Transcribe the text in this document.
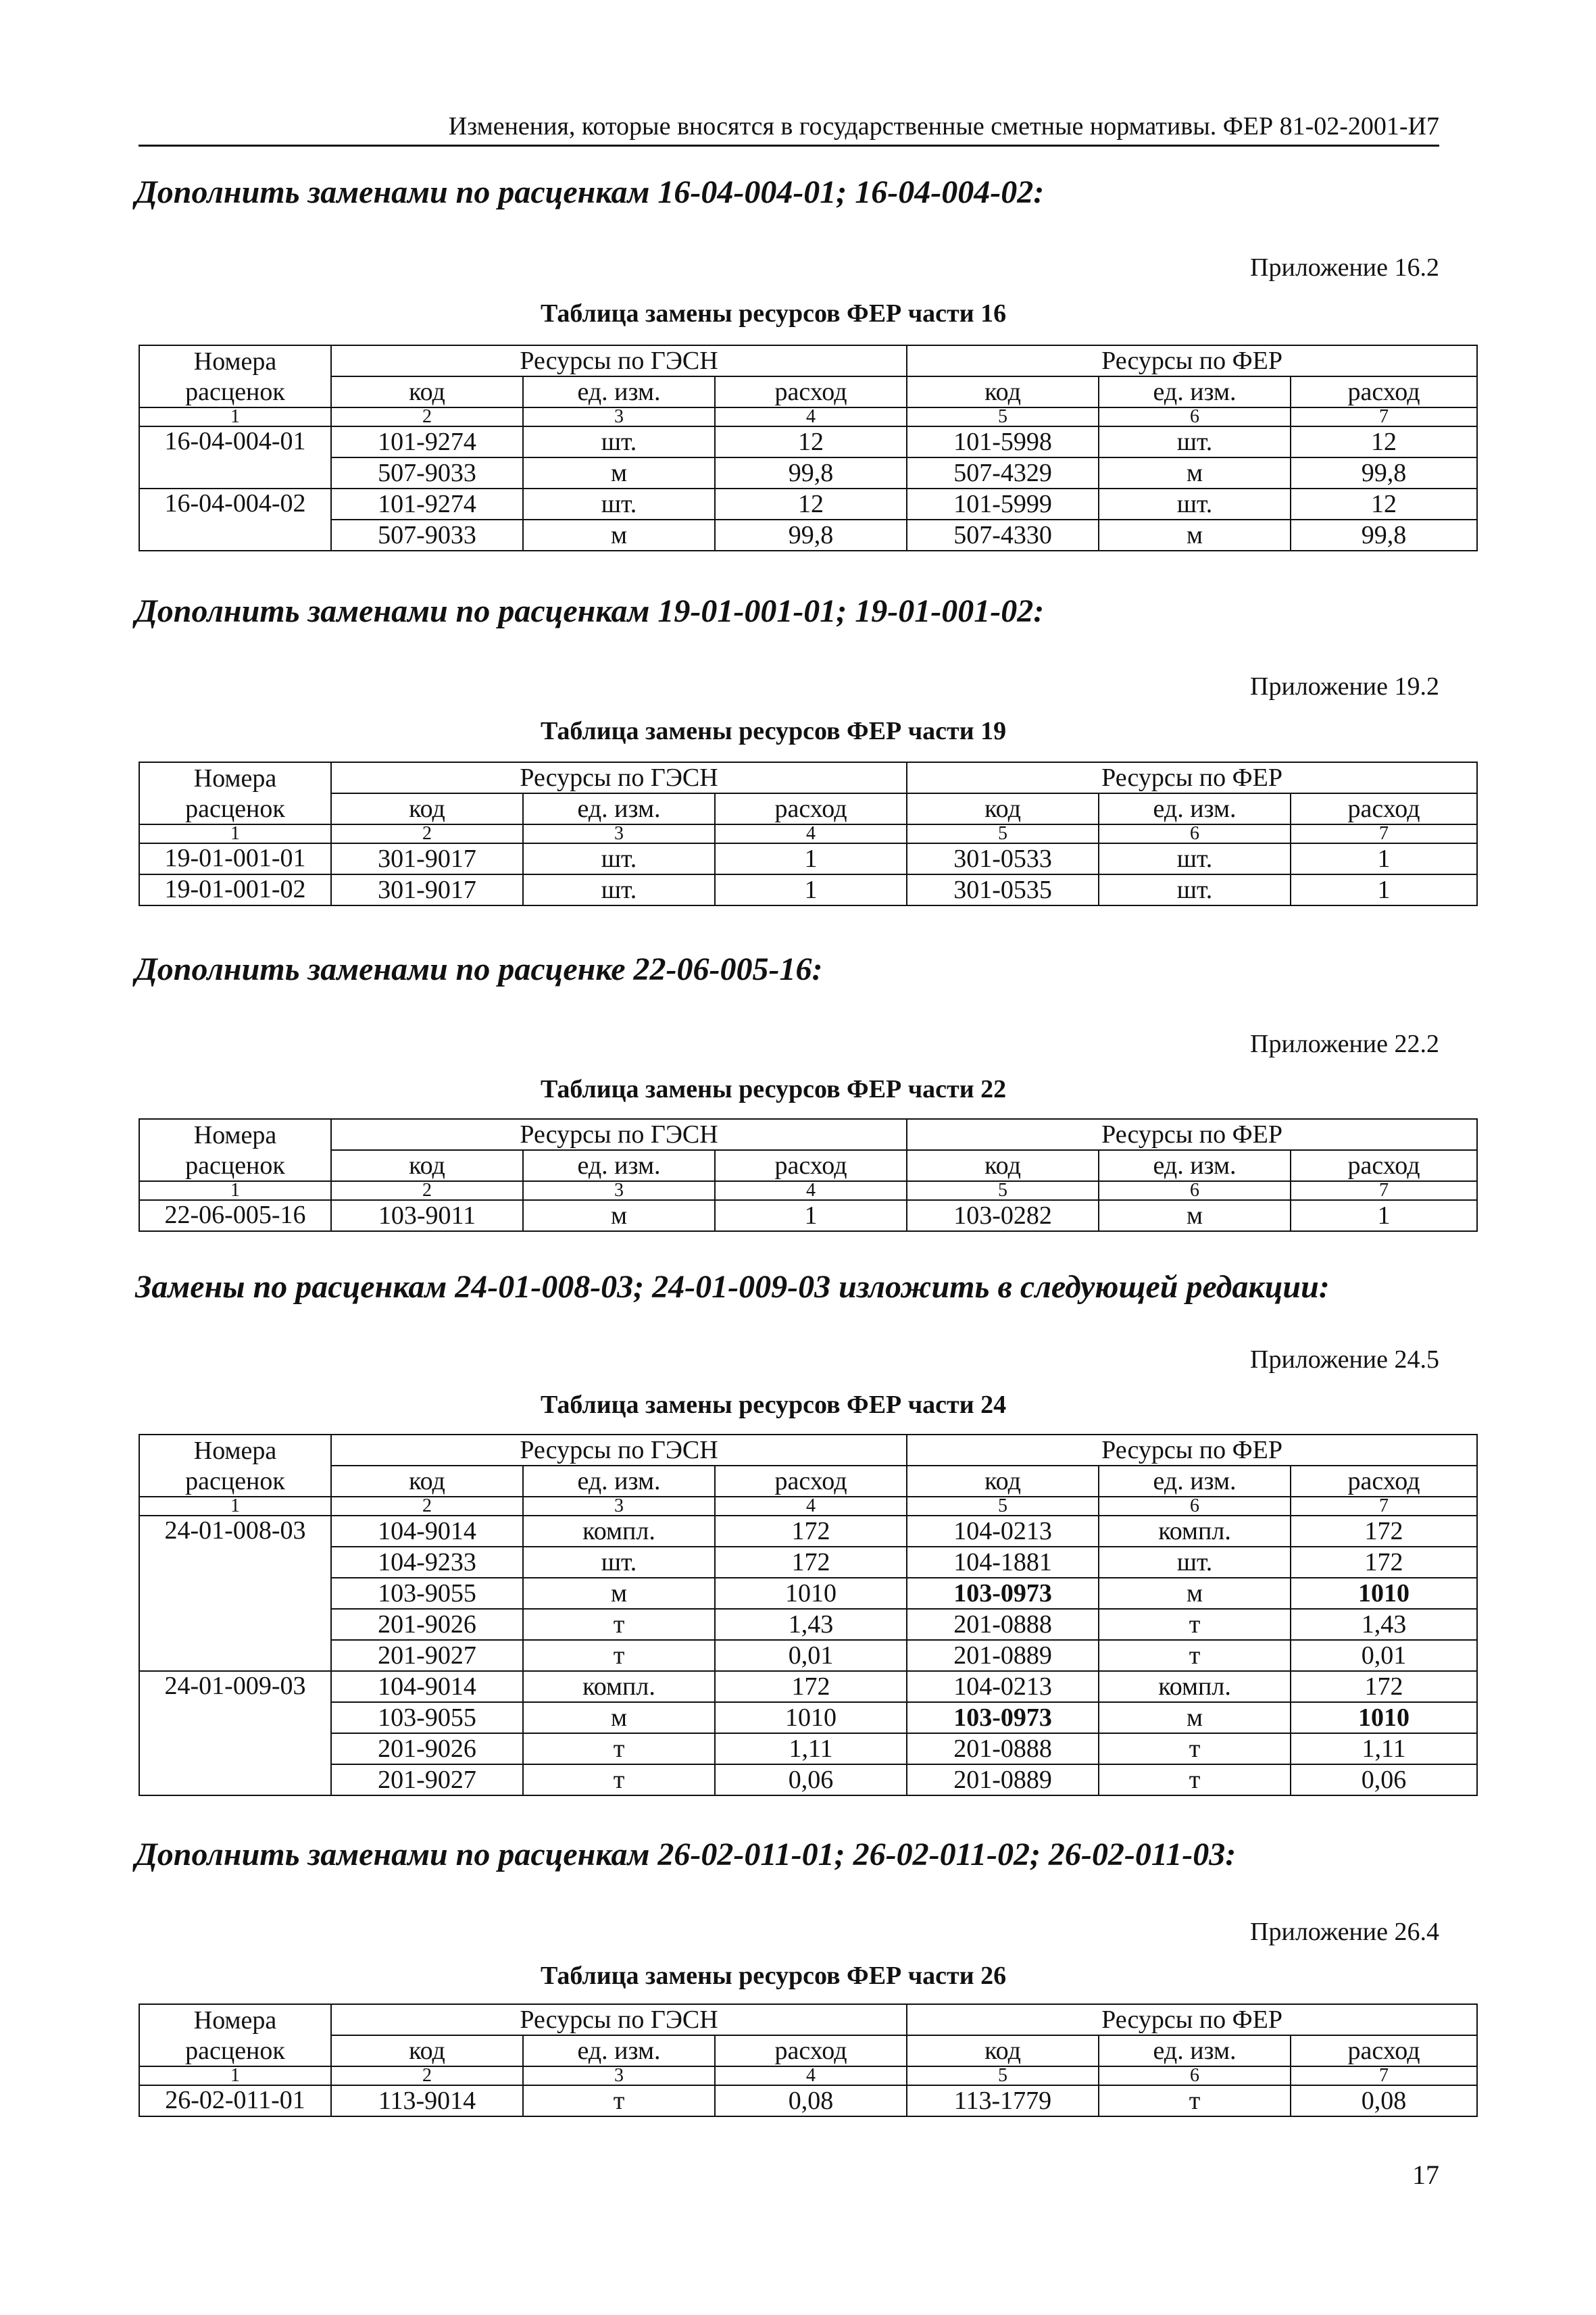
Изменения, которые вносятся в государственные сметные нормативы. ФЕР 81-02-2001-И7
Дополнить заменами по расценкам 16-04-004-01; 16-04-004-02:
Приложение 16.2
Таблица замены ресурсов ФЕР части 16
Номера	Ресурсы по ГЭСН			Ресурсы по ФЕР		
расценок	код	ед. изм.	расход	код	ед. изм.	расход
1	2	3	4	5	6	7
16-04-004-01	101-9274	шт.	12	101-5998	шт.	12
	507-9033	м	99,8	507-4329	м	99,8
16-04-004-02	101-9274	шт.	12	101-5999	шт.	12
	507-9033	м	99,8	507-4330	м	99,8
Дополнить заменами по расценкам 19-01-001-01; 19-01-001-02:
Приложение 19.2
Таблица замены ресурсов ФЕР части 19
Номера	Ресурсы по ГЭСН			Ресурсы по ФЕР		
расценок	код	ед. изм.	расход	код	ед. изм.	расход
1	2	3	4	5	6	7
19-01-001-01	301-9017	шт.	1	301-0533	шт.	1
19-01-001-02	301-9017	шт.	1	301-0535	шт.	1
Дополнить заменами по расценке 22-06-005-16:
Приложение 22.2
Таблица замены ресурсов ФЕР части 22
Номера	Ресурсы по ГЭСН			Ресурсы по ФЕР		
расценок	код	ед. изм.	расход	код	ед. изм.	расход
1	2	3	4	5	6	7
22-06-005-16	103-9011	м	1	103-0282	м	1
Замены по расценкам 24-01-008-03; 24-01-009-03 изложить в следующей редакции:
Приложение 24.5
Таблица замены ресурсов ФЕР части 24
Номера	Ресурсы по ГЭСН			Ресурсы по ФЕР		
расценок	код	ед. изм.	расход	код	ед. изм.	расход
1	2	3	4	5	6	7
24-01-008-03	104-9014	компл.	172	104-0213	компл.	172
	104-9233	шт.	172	104-1881	шт.	172
	103-9055	м	1010	103-0973	м	1010
	201-9026	т	1,43	201-0888	т	1,43
	201-9027	т	0,01	201-0889	т	0,01
24-01-009-03	104-9014	компл.	172	104-0213	компл.	172
	103-9055	м	1010	103-0973	м	1010
	201-9026	т	1,11	201-0888	т	1,11
	201-9027	т	0,06	201-0889	т	0,06
Дополнить заменами по расценкам 26-02-011-01; 26-02-011-02; 26-02-011-03:
Приложение 26.4
Таблица замены ресурсов ФЕР части 26
Номера	Ресурсы по ГЭСН			Ресурсы по ФЕР		
расценок	код	ед. изм.	расход	код	ед. изм.	расход
1	2	3	4	5	6	7
26-02-011-01	113-9014	т	0,08	113-1779	т	0,08
17
